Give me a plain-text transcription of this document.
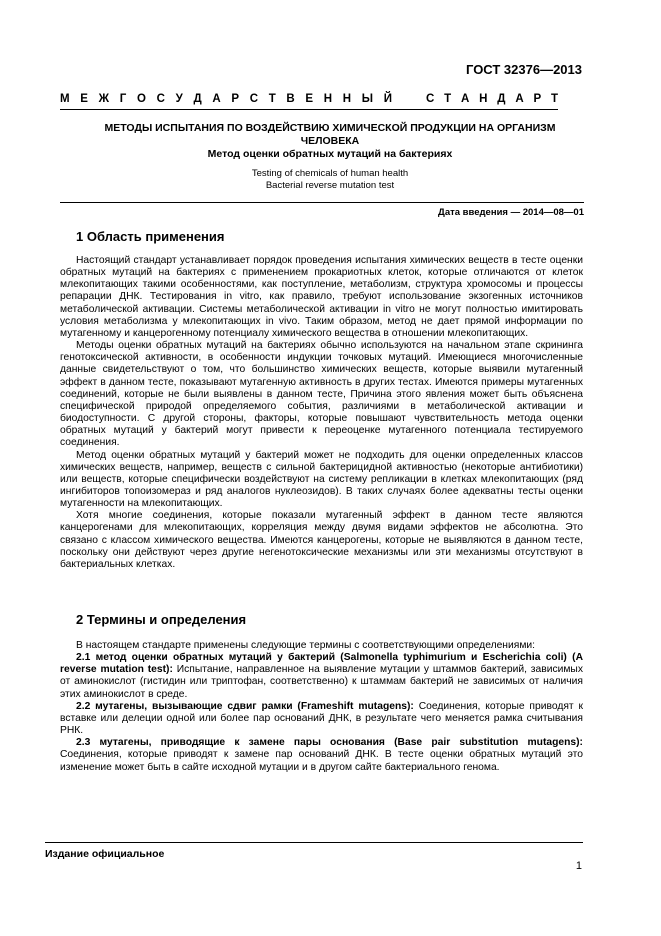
ГОСТ 32376—2013
М Е Ж Г О С У Д А Р С Т В Е Н Н Ы Й	С Т А Н Д А Р Т
МЕТОДЫ ИСПЫТАНИЯ ПО ВОЗДЕЙСТВИЮ ХИМИЧЕСКОЙ ПРОДУКЦИИ НА ОРГАНИЗМ
ЧЕЛОВЕКА
Метод оценки обратных мутаций на бактериях
Testing of chemicals of human health
Bacterial reverse mutation test
Дата введения — 2014—08—01
1 Область применения

Настоящий стандарт устанавливает порядок проведения испытания химических веществ в тесте оценки обратных мутаций на бактериях с применением прокариотных клеток, которые отличаются от клеток млекопитающих такими особенностями, как поступление, метаболизм, структура хромосомы и процессы репарации ДНК. Тестирования in vitro, как правило, требуют использование экзогенных источников метаболической активации. Системы метаболической активации in vitro не могут полностью имитировать условия метаболизма у млекопитающих in vivo. Таким образом, метод не дает прямой информации по мутагенному и канцерогенному потенциалу химического вещества в отношении млекопитающих.

Методы оценки обратных мутаций на бактериях обычно используются на начальном этапе скрининга генотоксической активности, в особенности индукции точковых мутаций. Имеющиеся многочисленные данные свидетельствуют о том, что большинство химических веществ, которые выявили мутагенный эффект в данном тесте, показывают мутагенную активность в других тестах. Имеются примеры мутагенных соединений, которые не были выявлены в данном тесте, Причина этого явления может быть объяснена специфической природой определяемого события, различиями в метаболической активации и биодоступности. С другой стороны, факторы, которые повышают чувствительность метода оценки обратных мутаций у бактерий могут привести к переоценке мутагенного потенциала тестируемого соединения.

Метод оценки обратных мутаций у бактерий может не подходить для оценки определенных классов химических веществ, например, веществ с сильной бактерицидной активностью (некоторые антибиотики) или веществ, которые специфически воздействуют на систему репликации в клетках млекопитающих (ряд ингибиторов топоизомераз и ряд аналогов нуклеозидов). В таких случаях более адекватны тесты оценки мутагенности на млекопитающих.

Хотя многие соединения, которые показали мутагенный эффект в данном тесте являются канцерогенами для млекопитающих, корреляция между двумя видами эффектов не абсолютна. Это связано с классом химического вещества. Имеются канцерогены, которые не выявляются в данном тесте, поскольку они действуют через другие негенотоксические механизмы или эти механизмы отсутствуют в бактериальных клетках.

2 Термины и определения

В настоящем стандарте применены следующие термины с соответствующими определениями:

2.1 метод оценки обратных мутаций у бактерий (Salmonella typhimurium и Escherichia coli) (A reverse mutation test): Испытание, направленное на выявление мутации у штаммов бактерий, зависимых от аминокислот (гистидин или триптофан, соответственно) к штаммам бактерий не зависимых от наличия этих аминокислот в среде.

2.2 мутагены, вызывающие сдвиг рамки (Frameshift mutagens): Соединения, которые приводят к вставке или делеции одной или более пар оснований ДНК, в результате чего меняется рамка считывания РНК.

2.3 мутагены, приводящие к замене пары основания (Base pair substitution mutagens): Соединения, которые приводят к замене пар оснований ДНК. В тесте оценки обратных мутаций это изменение может быть в сайте исходной мутации и в другом сайте бактериального генома.

Издание официальное
1
